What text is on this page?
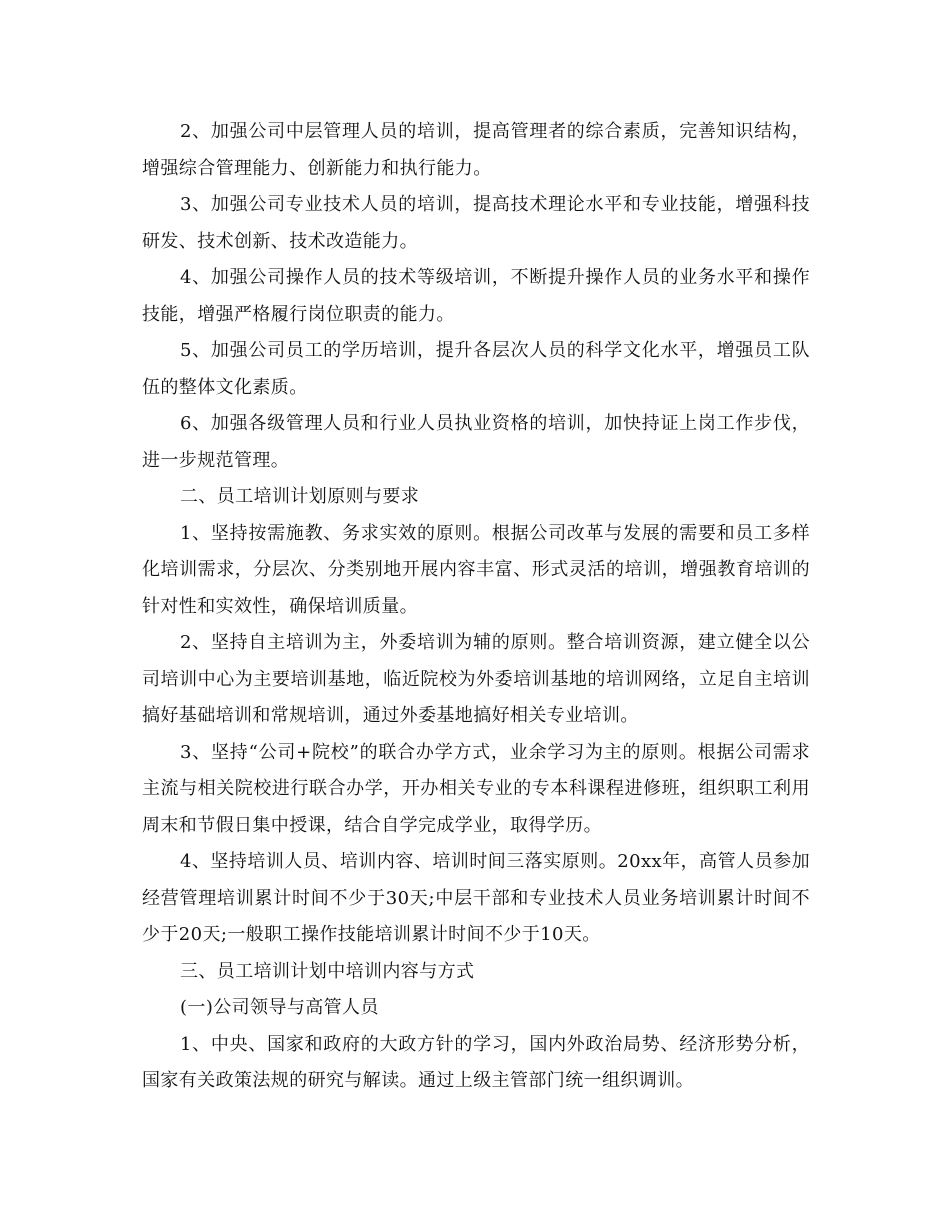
2、加强公司中层管理人员的培训，提高管理者的综合素质，完善知识结构，增强综合管理能力、创新能力和执行能力。

3、加强公司专业技术人员的培训，提高技术理论水平和专业技能，增强科技研发、技术创新、技术改造能力。

4、加强公司操作人员的技术等级培训，不断提升操作人员的业务水平和操作技能，增强严格履行岗位职责的能力。

5、加强公司员工的学历培训，提升各层次人员的科学文化水平，增强员工队伍的整体文化素质。

6、加强各级管理人员和行业人员执业资格的培训，加快持证上岗工作步伐，进一步规范管理。

二、员工培训计划原则与要求

1、坚持按需施教、务求实效的原则。根据公司改革与发展的需要和员工多样化培训需求，分层次、分类别地开展内容丰富、形式灵活的培训，增强教育培训的针对性和实效性，确保培训质量。

2、坚持自主培训为主，外委培训为辅的原则。整合培训资源，建立健全以公司培训中心为主要培训基地，临近院校为外委培训基地的培训网络，立足自主培训搞好基础培训和常规培训，通过外委基地搞好相关专业培训。

3、坚持“公司+院校”的联合办学方式，业余学习为主的原则。根据公司需求主流与相关院校进行联合办学，开办相关专业的专本科课程进修班，组织职工利用周末和节假日集中授课，结合自学完成学业，取得学历。

4、坚持培训人员、培训内容、培训时间三落实原则。20xx年，高管人员参加经营管理培训累计时间不少于30天;中层干部和专业技术人员业务培训累计时间不少于20天;一般职工操作技能培训累计时间不少于10天。

三、员工培训计划中培训内容与方式

(一)公司领导与高管人员

1、中央、国家和政府的大政方针的学习，国内外政治局势、经济形势分析，国家有关政策法规的研究与解读。通过上级主管部门统一组织调训。
